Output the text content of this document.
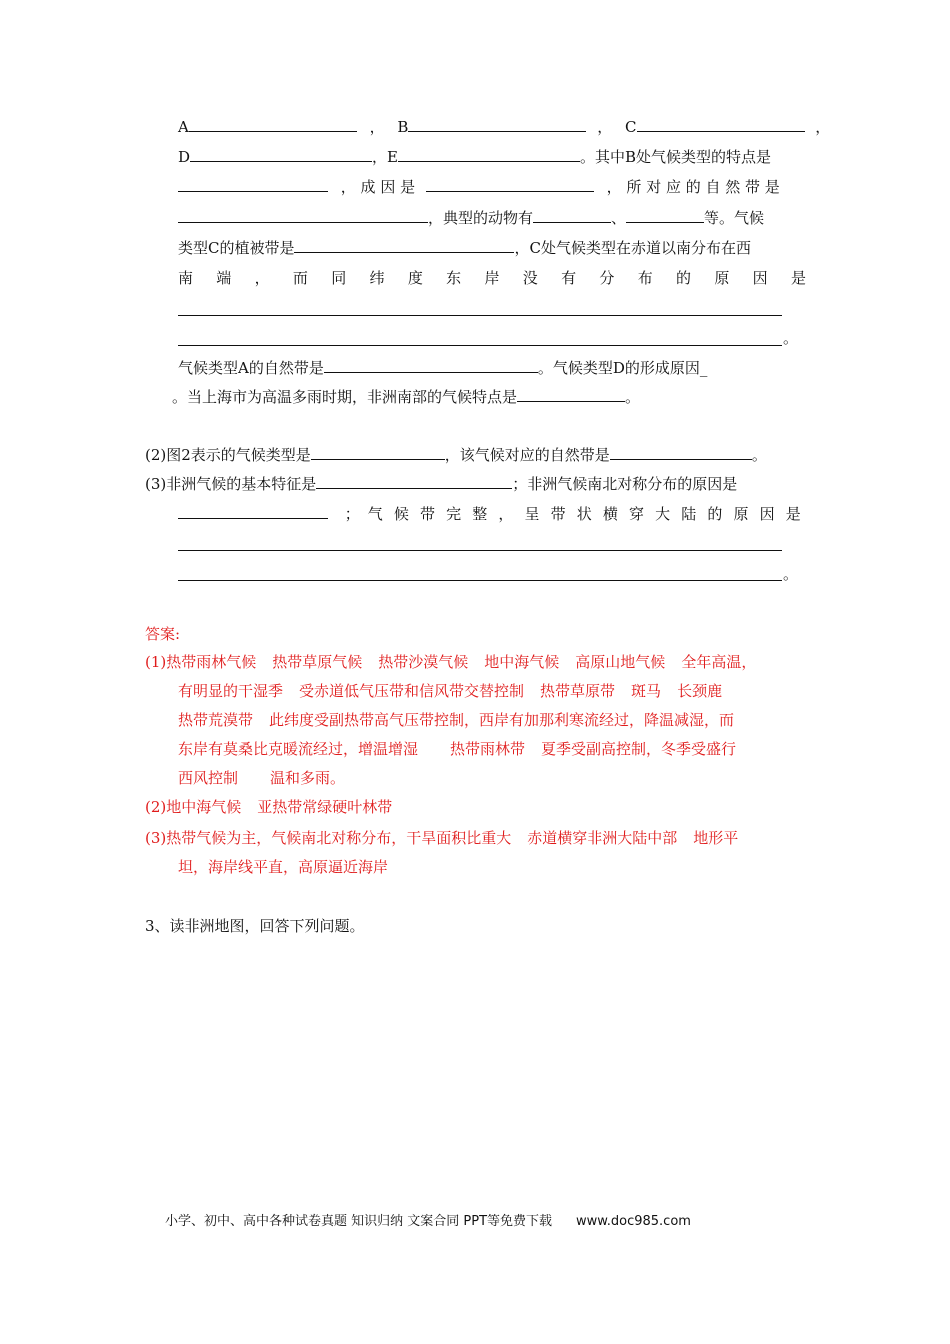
A	， B	， C	，
D	，E	。其中B处气候类型的特点是
， 成 因 是	， 所 对 应 的 自 然 带 是
，典型的动物有	、	等。气候
类型C的植被带是	，C处气候类型在赤道以南分布在西
南 端 ， 而 同 纬 度 东 岸 没 有 分 布 的 原 因 是
。
气候类型A的自然带是	。气候类型D的形成原因_
。当上海市为高温多雨时期，非洲南部的气候特点是	。
(2)图2表示的气候类型是	，该气候对应的自然带是	。
(3)非洲气候的基本特征是	；非洲气候南北对称分布的原因是
； 气 候 带 完 整 ， 呈 带 状 横 穿 大 陆 的 原 因 是
。
答案:
(1)热带雨林气候 热带草原气候 热带沙漠气候 地中海气候 高原山地气候 全年高温，
有明显的干湿季 受赤道低气压带和信风带交替控制 热带草原带 斑马 长颈鹿
热带荒漠带 此纬度受副热带高气压带控制，西岸有加那利寒流经过，降温减湿，而
东岸有莫桑比克暖流经过，增温增湿 热带雨林带 夏季受副高控制，冬季受盛行
西风控制 温和多雨。
(2)地中海气候 亚热带常绿硬叶林带
(3)热带气候为主，气候南北对称分布，干旱面积比重大 赤道横穿非洲大陆中部 地形平
坦，海岸线平直，高原逼近海岸
3、读非洲地图，回答下列问题。
小学、初中、高中各种试卷真题 知识归纳 文案合同 PPT等免费下载 www.doc985.com
